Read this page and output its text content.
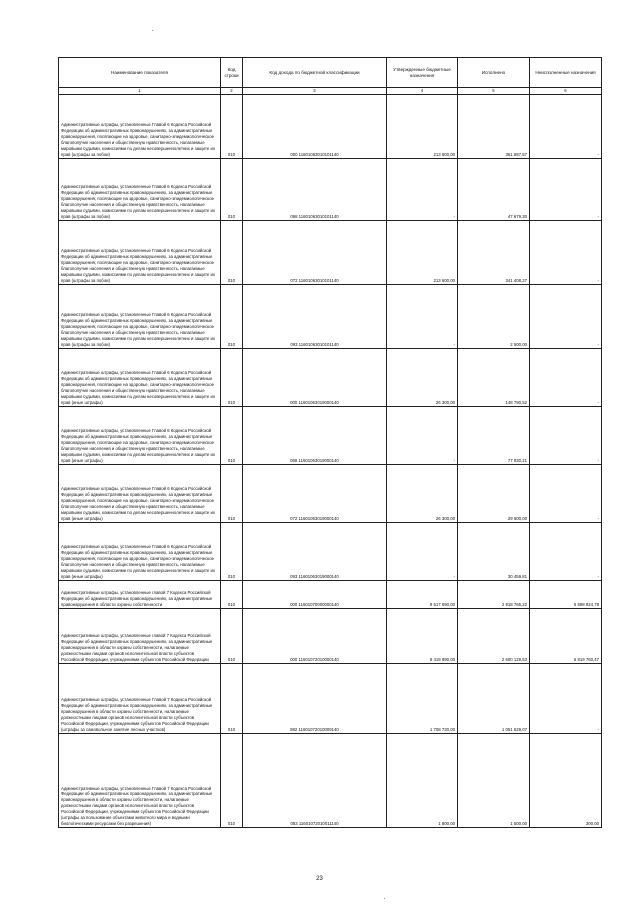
Наименование показателя	Код строки	Код дохода по бюджетной классификации	Утвержденные бюджетные назначения	Исполнено	Неисполненные назначения
1	2	3	4	5	6
Административные штрафы, установленные Главой 6 Кодекса Российской Федерации об административных правонарушениях, за административные правонарушения, посягающие на здоровье, санитарно-эпидемиологическое благополучие населения и общественную нравственность, налагаемые мировыми судьями, комиссиями по делам несовершеннолетних и защите их прав (штрафы за побои)	010	000 11601063010101140	213 600,00	361 587,57	-
Административные штрафы, установленные Главой 6 Кодекса Российской Федерации об административных правонарушениях, за административные правонарушения, посягающие на здоровье, санитарно-эпидемиологическое благополучие населения и общественную нравственность, налагаемые мировыми судьями, комиссиями по делам несовершеннолетних и защите их прав (штрафы за побои)	010	068 11601063010101140	-	47 679,30	-
Административные штрафы, установленные Главой 6 Кодекса Российской Федерации об административных правонарушениях, за административные правонарушения, посягающие на здоровье, санитарно-эпидемиологическое благополучие населения и общественную нравственность, налагаемые мировыми судьями, комиссиями по делам несовершеннолетних и защите их прав (штрафы за побои)	010	072 11601063010101140	213 600,00	341 408,27	-
Административные штрафы, установленные Главой 6 Кодекса Российской Федерации об административных правонарушениях, за административные правонарушения, посягающие на здоровье, санитарно-эпидемиологическое благополучие населения и общественную нравственность, налагаемые мировыми судьями, комиссиями по делам несовершеннолетних и защите их прав (штрафы за побои)	010	093 11601063010101140	-	2 500,00	-
Административные штрафы, установленные Главой 6 Кодекса Российской Федерации об административных правонарушениях, за административные правонарушения, посягающие на здоровье, санитарно-эпидемиологическое благополучие населения и общественную нравственность, налагаемые мировыми судьями, комиссиями по делам несовершеннолетних и защите их прав (иные штрафы)	010	000 11601063019000140	26 300,00	148 790,52	-
Административные штрафы, установленные Главой 6 Кодекса Российской Федерации об административных правонарушениях, за административные правонарушения, посягающие на здоровье, санитарно-эпидемиологическое благополучие населения и общественную нравственность, налагаемые мировыми судьями, комиссиями по делам несовершеннолетних и защите их прав (иные штрафы)	010	068 11601063019000140	-	77 830,21	-
Административные штрафы, установленные Главой 6 Кодекса Российской Федерации об административных правонарушениях, за административные правонарушения, посягающие на здоровье, санитарно-эпидемиологическое благополучие населения и общественную нравственность, налагаемые мировыми судьями, комиссиями по делам несовершеннолетних и защите их прав (иные штрафы)	010	072 11601063019000140	26 300,00	29 500,00	-
Административные штрафы, установленные Главой 6 Кодекса Российской Федерации об административных правонарушениях, за административные правонарушения, посягающие на здоровье, санитарно-эпидемиологическое благополучие населения и общественную нравственность, налагаемые мировыми судьями, комиссиями по делам несовершеннолетних и защите их прав (иные штрафы)	010	093 11601063019000140	-	30 459,81	-
Административные штрафы, установленные главой 7 Кодекса Российской Федерации об административных правонарушениях, за административные правонарушения в области охраны собственности	010	000 11601070000000140	9 517 690,00	2 918 765,22	6 598 924,78
Административные штрафы, установленные главой 7 Кодекса Российской Федерации об административных правонарушениях, за административные правонарушения в области охраны собственности, налагаемые должностными лицами органов исполнительной власти субъектов Российской Федерации, учреждениями субъектов Российской Федерации	010	000 11601072010000140	9 419 890,00	2 600 129,53	6 819 760,47
Административные штрафы, установленные Главой 7 Кодекса Российской Федерации об административных правонарушениях, за административные правонарушения в области охраны собственности, налагаемые должностными лицами органов исполнительной власти субъектов Российской Федерации, учреждениями субъектов Российской Федерации (штрафы за самовольное занятие лесных участков)	010	982 11601072010009140	1 708 730,00	1 051 629,07	-
Административные штрафы, установленные Главой 7 Кодекса Российской Федерации об административных правонарушениях, за административные правонарушения в области охраны собственности, налагаемые должностными лицами органов исполнительной власти субъектов Российской Федерации, учреждениями субъектов Российской Федерации (штрафы за пользование объектами животного мира и водными биологическими ресурсами без разрешения)	010	083 11601072010011140	1 800,00	1 500,00	300,00
23
